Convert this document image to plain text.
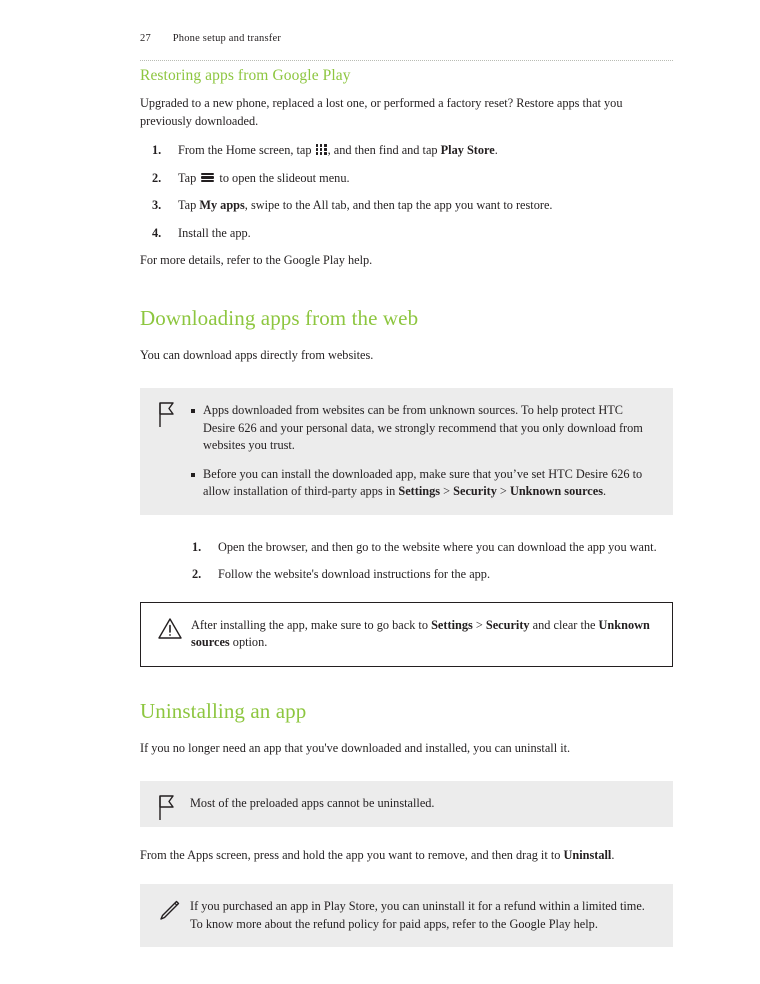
27 Phone setup and transfer
Restoring apps from Google Play

Upgraded to a new phone, replaced a lost one, or performed a factory reset? Restore apps that you previously downloaded.

1. From the Home screen, tap
, and then find and tap Play Store.
2. Tap
to open the slideout menu.
3. Tap My apps, swipe to the All tab, and then tap the app you want to restore.
4. Install the app.

For more details, refer to the Google Play help.

Downloading apps from the web

You can download apps directly from websites.

Apps downloaded from websites can be from unknown sources. To help protect HTC Desire 626 and your personal data, we strongly recommend that you only download from websites you trust.
Before you can install the downloaded app, make sure that you’ve set HTC Desire 626 to allow installation of third-party apps in Settings > Security > Unknown sources.
1. Open the browser, and then go to the website where you can download the app you want.
2. Follow the website's download instructions for the app.

After installing the app, make sure to go back to Settings > Security and clear the Unknown sources option.

Uninstalling an app

If you no longer need an app that you've downloaded and installed, you can uninstall it.

Most of the preloaded apps cannot be uninstalled.

From the Apps screen, press and hold the app you want to remove, and then drag it to Uninstall.

If you purchased an app in Play Store, you can uninstall it for a refund within a limited time. To know more about the refund policy for paid apps, refer to the Google Play help.
